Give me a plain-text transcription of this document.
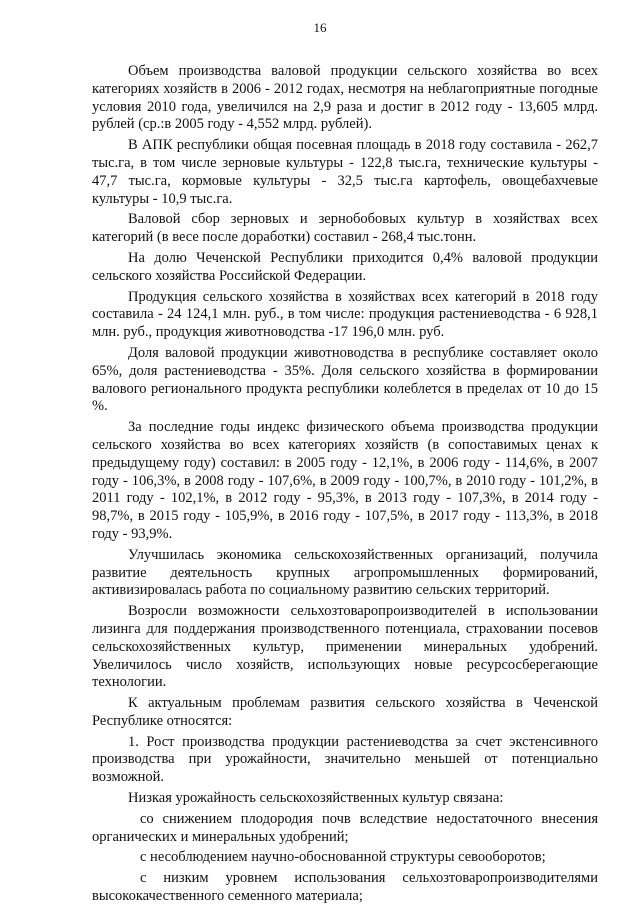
16

Объем производства валовой продукции сельского хозяйства во всех категориях хозяйств в 2006 - 2012 годах, несмотря на неблагоприятные погодные условия 2010 года, увеличился на 2,9 раза и достиг в 2012 году - 13,605 млрд. рублей (ср.:в 2005 году - 4,552 млрд. рублей).

В АПК республики общая посевная площадь в 2018 году составила - 262,7 тыс.га, в том числе зерновые культуры - 122,8 тыс.га, технические культуры - 47,7 тыс.га, кормовые культуры - 32,5 тыс.га картофель, овощебахчевые культуры - 10,9 тыс.га.

Валовой сбор зерновых и зернобобовых культур в хозяйствах всех категорий (в весе после доработки) составил - 268,4 тыс.тонн.

На долю Чеченской Республики приходится 0,4% валовой продукции сельского хозяйства Российской Федерации.

Продукция сельского хозяйства в хозяйствах всех категорий в 2018 году составила - 24 124,1 млн. руб., в том числе: продукция растениеводства - 6 928,1 млн. руб., продукция животноводства -17 196,0 млн. руб.

Доля валовой продукции животноводства в республике составляет около 65%, доля растениеводства - 35%. Доля сельского хозяйства в формировании валового регионального продукта республики колеблется в пределах от 10 до 15 %.

За последние годы индекс физического объема производства продукции сельского хозяйства во всех категориях хозяйств (в сопоставимых ценах к предыдущему году) составил: в 2005 году - 12,1%, в 2006 году - 114,6%, в 2007 году - 106,3%, в 2008 году - 107,6%, в 2009 году - 100,7%, в 2010 году - 101,2%, в 2011 году - 102,1%, в 2012 году - 95,3%, в 2013 году - 107,3%, в 2014 году - 98,7%, в 2015 году - 105,9%, в 2016 году - 107,5%, в 2017 году - 113,3%, в 2018 году - 93,9%.

Улучшилась экономика сельскохозяйственных организаций, получила развитие деятельность крупных агропромышленных формирований, активизировалась работа по социальному развитию сельских территорий.

Возросли возможности сельхозтоваропроизводителей в использовании лизинга для поддержания производственного потенциала, страховании посевов сельскохозяйственных культур, применении минеральных удобрений. Увеличилось число хозяйств, использующих новые ресурсосберегающие технологии.

К актуальным проблемам развития сельского хозяйства в Чеченской Республике относятся:

1. Рост производства продукции растениеводства за счет экстенсивного производства при урожайности, значительно меньшей от потенциально возможной.

Низкая урожайность сельскохозяйственных культур связана:

со снижением плодородия почв вследствие недостаточного внесения органических и минеральных удобрений;

с несоблюдением научно-обоснованной структуры севооборотов;

с низким уровнем использования сельхозтоваропроизводителями высококачественного семенного материала;
